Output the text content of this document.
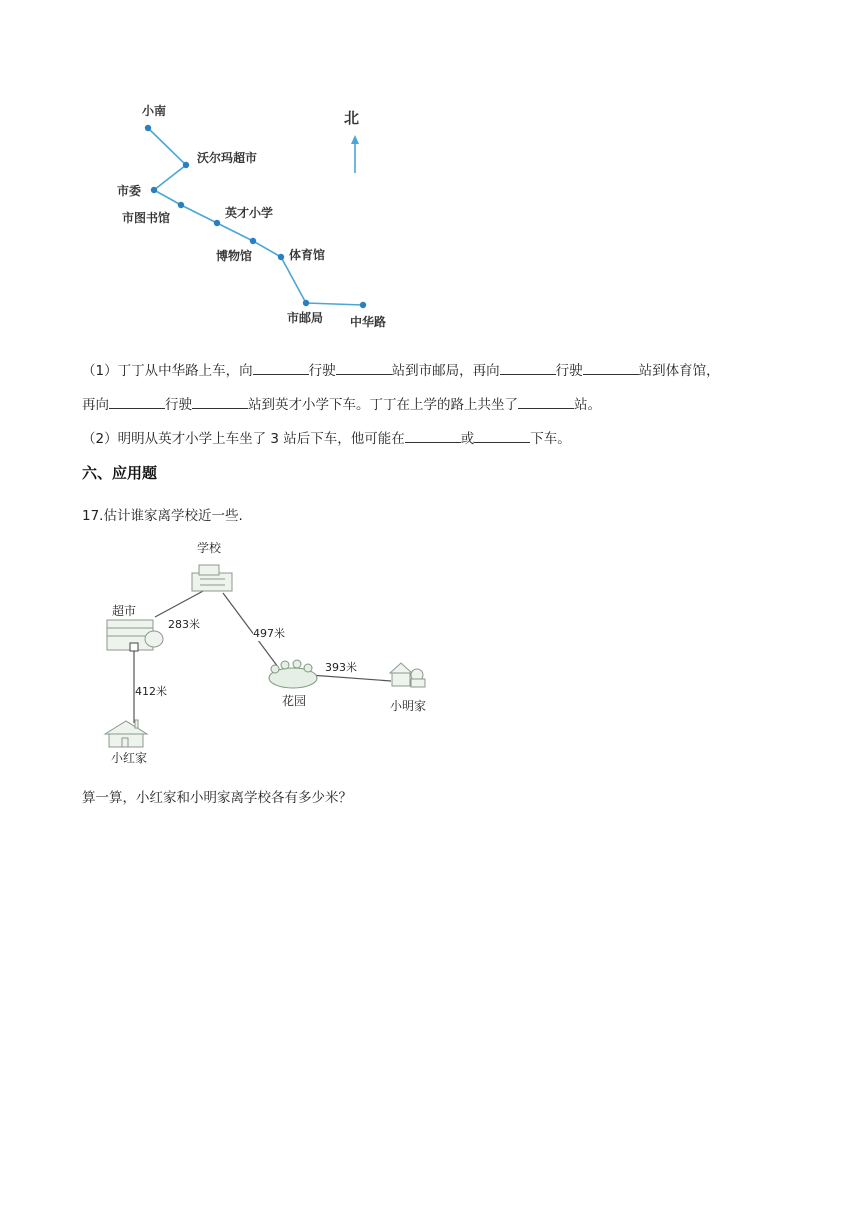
北
小南
沃尔玛超市
市委
市图书馆	英才小学
博物馆	体育馆
市邮局 中华路
（1）丁丁从中华路上车，向	行驶	站到市邮局，再向	行驶	站到体育馆，
再向	行驶	站到英才小学下车。丁丁在上学的路上共坐了	站。
（2）明明从英才小学上车坐了 3 站后下车，他可能在	或	下车。
六、应用题
17.估计谁家离学校近一些.
学校
超市
花园	小明家
小红家
283米
497米
393米
412米
算一算，小红家和小明家离学校各有多少米？
